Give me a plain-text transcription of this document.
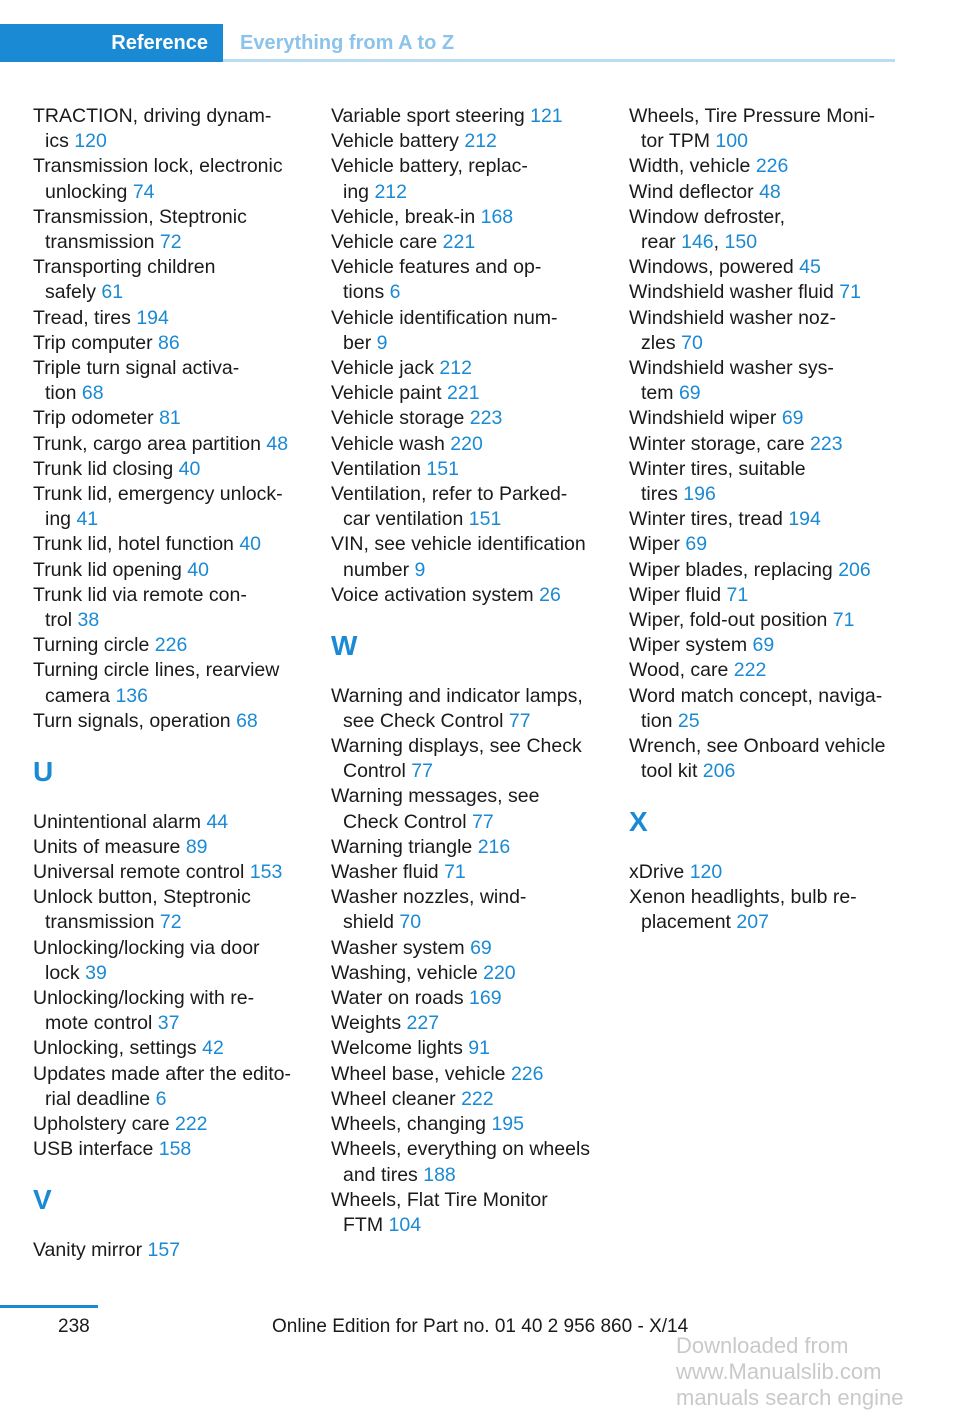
Reference	Everything from A to Z
TRACTION, driving dynam-
ics 120
Transmission lock, electronic
unlocking 74
Transmission, Steptronic
transmission 72
Transporting children
safely 61
Tread, tires 194
Trip computer 86
Triple turn signal activa-
tion 68
Trip odometer 81
Trunk, cargo area partition 48
Trunk lid closing 40
Trunk lid, emergency unlock-
ing 41
Trunk lid, hotel function 40
Trunk lid opening 40
Trunk lid via remote con-
trol 38
Turning circle 226
Turning circle lines, rearview
camera 136
Turn signals, operation 68
U
Unintentional alarm 44
Units of measure 89
Universal remote control 153
Unlock button, Steptronic
transmission 72
Unlocking/locking via door
lock 39
Unlocking/locking with re-
mote control 37
Unlocking, settings 42
Updates made after the edito-
rial deadline 6
Upholstery care 222
USB interface 158
V
Vanity mirror 157
Variable sport steering 121
Vehicle battery 212
Vehicle battery, replac-
ing 212
Vehicle, break-in 168
Vehicle care 221
Vehicle features and op-
tions 6
Vehicle identification num-
ber 9
Vehicle jack 212
Vehicle paint 221
Vehicle storage 223
Vehicle wash 220
Ventilation 151
Ventilation, refer to Parked-
car ventilation 151
VIN, see vehicle identification
number 9
Voice activation system 26
W
Warning and indicator lamps,
see Check Control 77
Warning displays, see Check
Control 77
Warning messages, see
Check Control 77
Warning triangle 216
Washer fluid 71
Washer nozzles, wind-
shield 70
Washer system 69
Washing, vehicle 220
Water on roads 169
Weights 227
Welcome lights 91
Wheel base, vehicle 226
Wheel cleaner 222
Wheels, changing 195
Wheels, everything on wheels
and tires 188
Wheels, Flat Tire Monitor
FTM 104
Wheels, Tire Pressure Moni-
tor TPM 100
Width, vehicle 226
Wind deflector 48
Window defroster,
rear 146, 150
Windows, powered 45
Windshield washer fluid 71
Windshield washer noz-
zles 70
Windshield washer sys-
tem 69
Windshield wiper 69
Winter storage, care 223
Winter tires, suitable
tires 196
Winter tires, tread 194
Wiper 69
Wiper blades, replacing 206
Wiper fluid 71
Wiper, fold-out position 71
Wiper system 69
Wood, care 222
Word match concept, naviga-
tion 25
Wrench, see Onboard vehicle
tool kit 206
X
xDrive 120
Xenon headlights, bulb re-
placement 207
238	Online Edition for Part no. 01 40 2 956 860 - X/14
Downloaded from www.Manualslib.com manuals search engine
